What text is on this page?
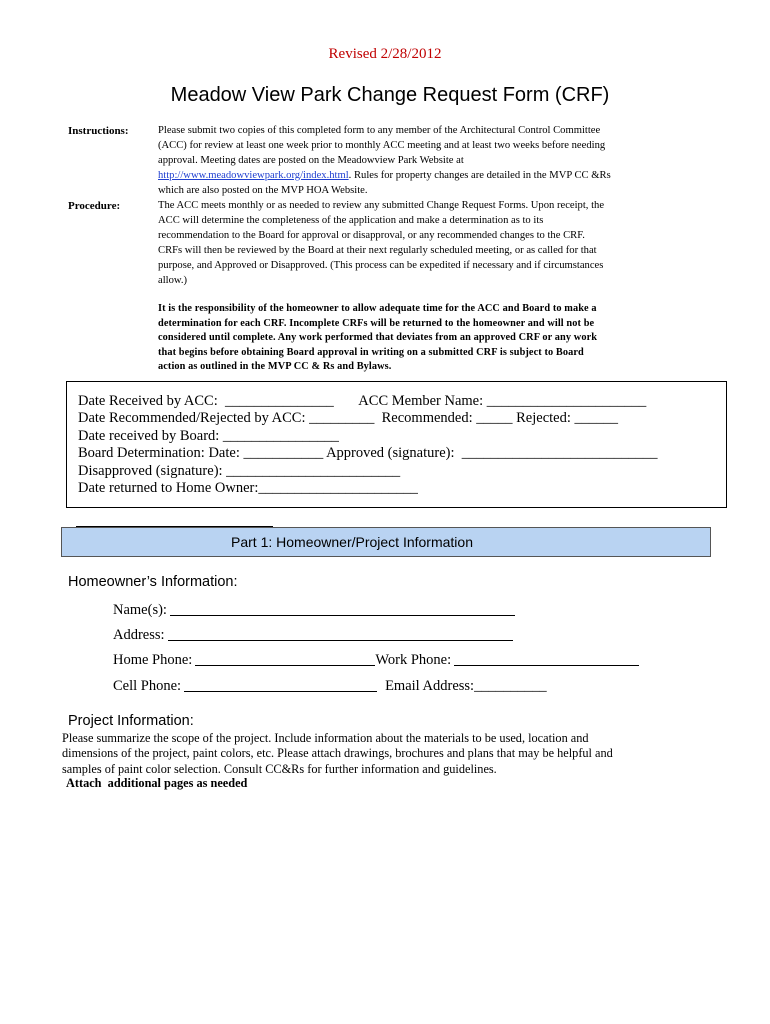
Revised 2/28/2012
Meadow View Park Change Request Form (CRF)
Instructions:	Please submit two copies of this completed form to any member of the Architectural Control Committee
(ACC) for review at least one week prior to monthly ACC meeting and at least two weeks before needing
approval. Meeting dates are posted on the Meadowview Park Website at
http://www.meadowviewpark.org/index.html. Rules for property changes are detailed in the MVP CC &Rs
which are also posted on the MVP HOA Website.
Procedure:	The ACC meets monthly or as needed to review any submitted Change Request Forms. Upon receipt, the
ACC will determine the completeness of the application and make a determination as to its
recommendation to the Board for approval or disapproval, or any recommended changes to the CRF.
CRFs will then be reviewed by the Board at their next regularly scheduled meeting, or as called for that
purpose, and Approved or Disapproved. (This process can be expedited if necessary and if circumstances
allow.)
It is the responsibility of the homeowner to allow adequate time for the ACC and Board to make a
determination for each CRF. Incomplete CRFs will be returned to the homeowner and will not be
considered until complete. Any work performed that deviates from an approved CRF or any work
that begins before obtaining Board approval in writing on a submitted CRF is subject to Board
action as outlined in the MVP CC & Rs and Bylaws.
Date Received by ACC:  _______________       ACC Member Name: ______________________
Date Recommended/Rejected by ACC: _________  Recommended: _____ Rejected: ______
Date received by Board: ________________
Board Determination: Date: ___________ Approved (signature):  ___________________________
Disapproved (signature): ________________________
Date returned to Home Owner:______________________
Part 1: Homeowner/Project Information
Homeowner’s Information:
Name(s):
Address:
Home Phone:	Work Phone:
Cell Phone:	Email Address:__________
Project Information:
Please summarize the scope of the project. Include information about the materials to be used, location and
dimensions of the project, paint colors, etc. Please attach drawings, brochures and plans that may be helpful and
samples of paint color selection. Consult CC&Rs for further information and guidelines.
Attach  additional pages as needed
